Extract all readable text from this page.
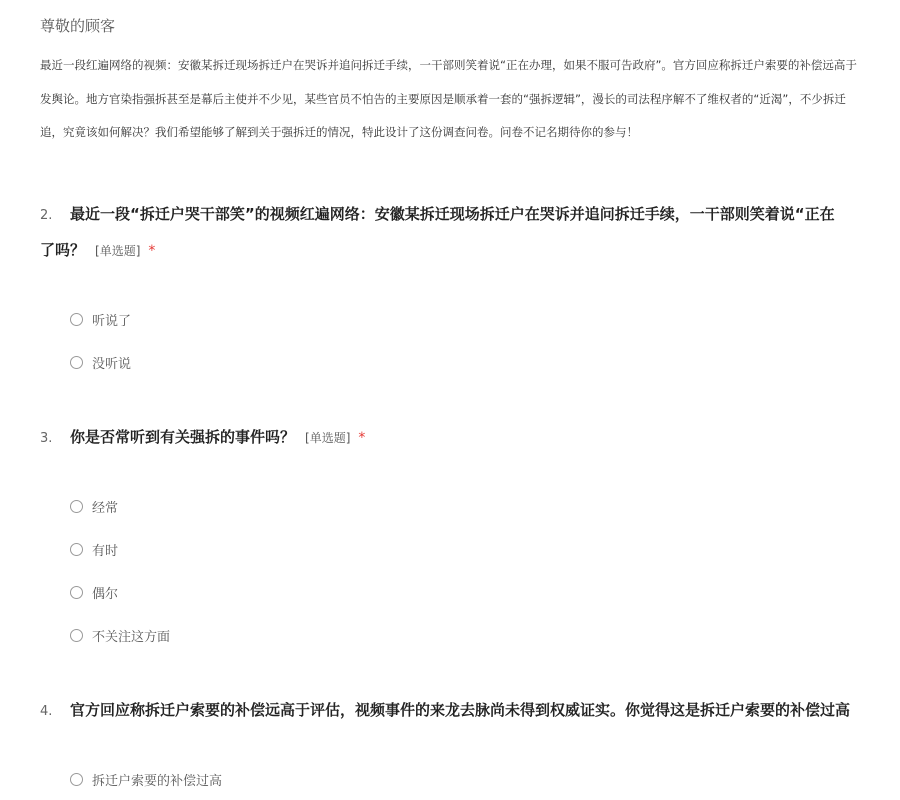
尊敬的顾客
最近一段红遍网络的视频：安徽某拆迁现场拆迁户在哭诉并追问拆迁手续，一干部则笑着说“正在办理，如果不服可告政府”。官方回应称拆迁户索要的补偿远高于
发舆论。地方官染指强拆甚至是幕后主使并不少见，某些官员不怕告的主要原因是顺承着一套的“强拆逻辑”，漫长的司法程序解不了维权者的“近渴”，不少拆迁
追，究竟该如何解决？我们希望能够了解到关于强拆迁的情况，特此设计了这份调查问卷。问卷不记名期待你的参与！
2. 最近一段“拆迁户哭干部笑”的视频红遍网络：安徽某拆迁现场拆迁户在哭诉并追问拆迁手续，一干部则笑着说“正在
了吗？ [单选题] *
听说了
没听说
3. 你是否常听到有关强拆的事件吗？ [单选题] *
经常
有时
偶尔
不关注这方面
4. 官方回应称拆迁户索要的补偿远高于评估，视频事件的来龙去脉尚未得到权威证实。你觉得这是拆迁户索要的补偿过高
拆迁户索要的补偿过高
